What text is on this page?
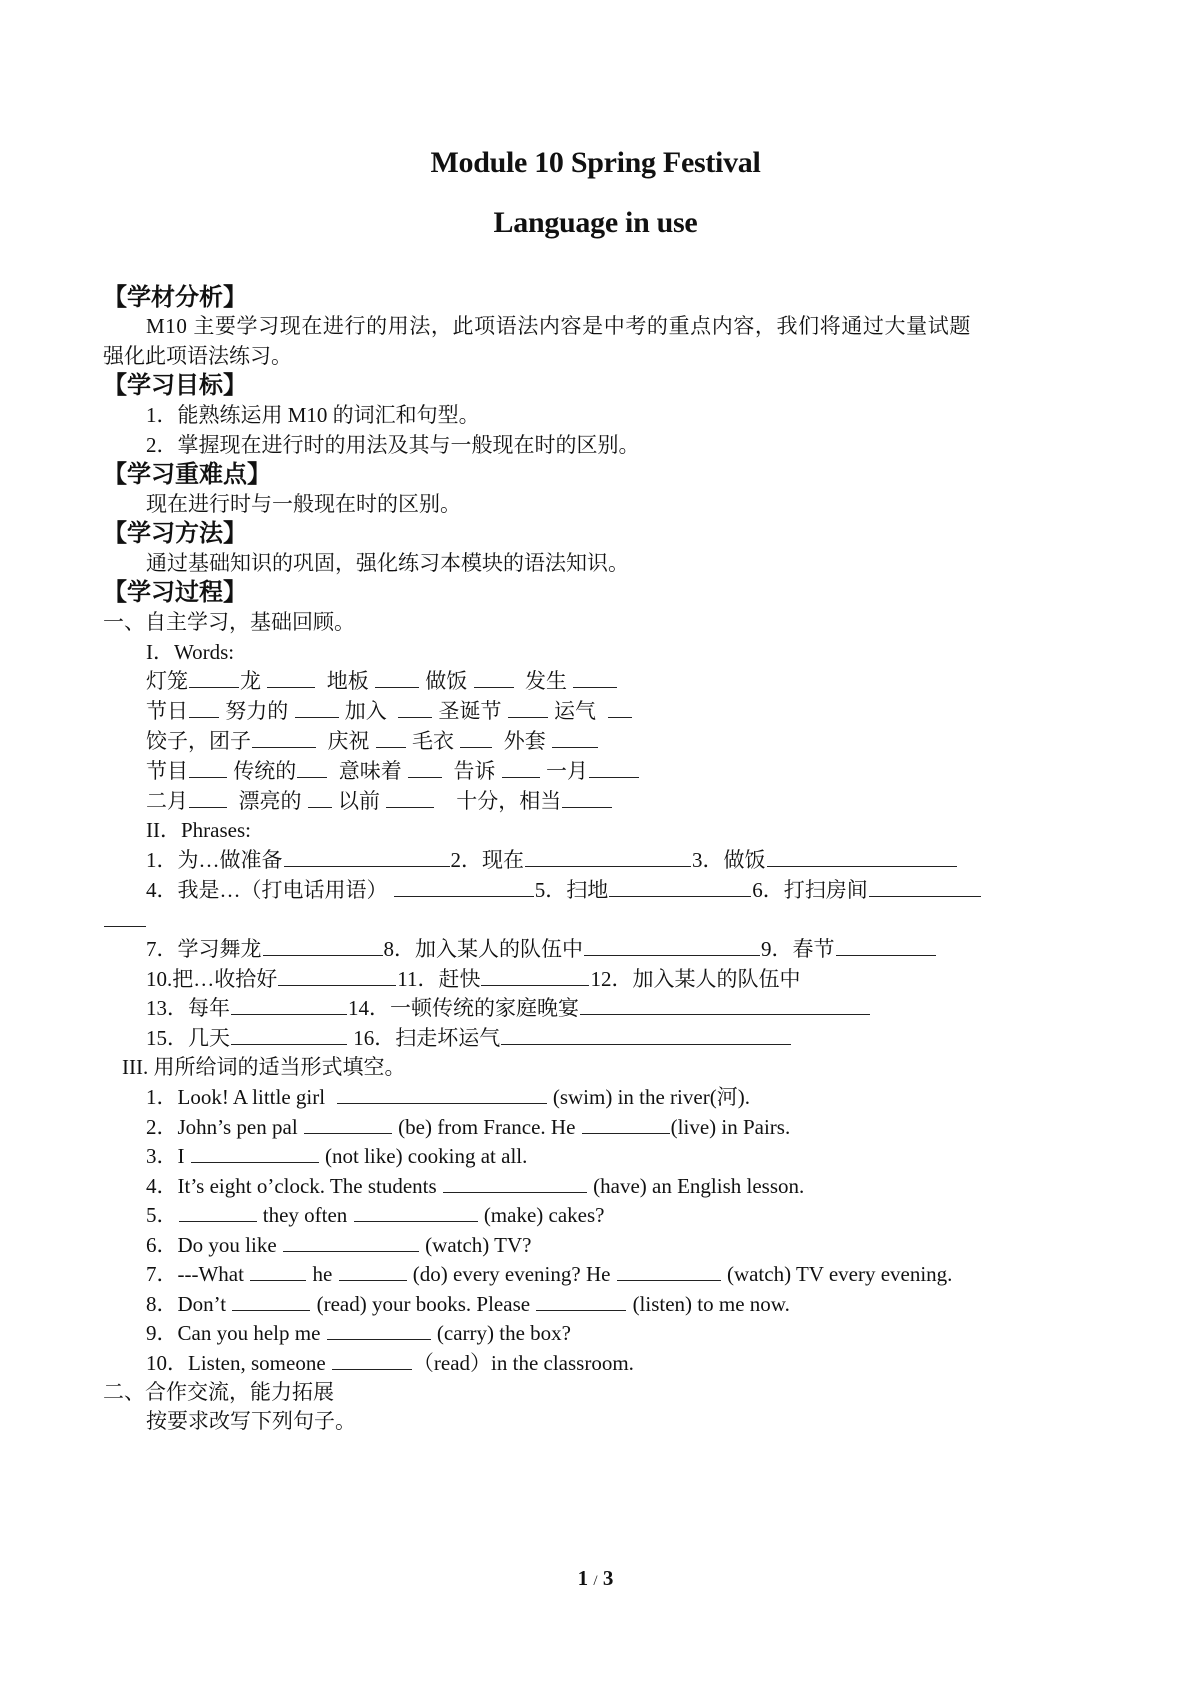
Module 10 Spring Festival
Language in use
【学材分析】
M10 主要学习现在进行的用法，此项语法内容是中考的重点内容，我们将通过大量试题
强化此项语法练习。
【学习目标】
1．能熟练运用 M10 的词汇和句型。
2．掌握现在进行时的用法及其与一般现在时的区别。
【学习重难点】
现在进行时与一般现在时的区别。
【学习方法】
通过基础知识的巩固，强化练习本模块的语法知识。
【学习过程】
一、自主学习，基础回顾。
I．Words:
灯笼 龙	地板	做饭	发生
节日 努力的	加入 圣诞节	运气
饺子，团子	庆祝 毛衣 外套
节目 传统的 意味着 告诉 一月
二月 漂亮的 以前	十分，相当
II．Phrases:
1．为…做准备	2．现在	3．做饭
4．我是…（打电话用语）	5．扫地	6．打扫房间
7．学习舞龙	8．加入某人的队伍中	9．春节
10.把…收拾好	11．赶快	12．加入某人的队伍中
13．每年	14．一顿传统的家庭晚宴
15．几天	16．扫走坏运气
III. 用所给词的适当形式填空。
1．Look! A little girl	(swim) in the river(河).
2．John’s pen pal	(be) from France. He	(live) in Pairs.
3．I	(not like) cooking at all.
4．It’s eight o’clock. The students	(have) an English lesson.
5．	they often	(make) cakes?
6．Do you like	(watch) TV?
7．---What	he	(do) every evening? He	(watch) TV every evening.
8．Don’t	(read) your books. Please	(listen) to me now.
9．Can you help me	(carry) the box?
10．Listen, someone	（read）in the classroom.
二、合作交流，能力拓展
按要求改写下列句子。
1 / 3
